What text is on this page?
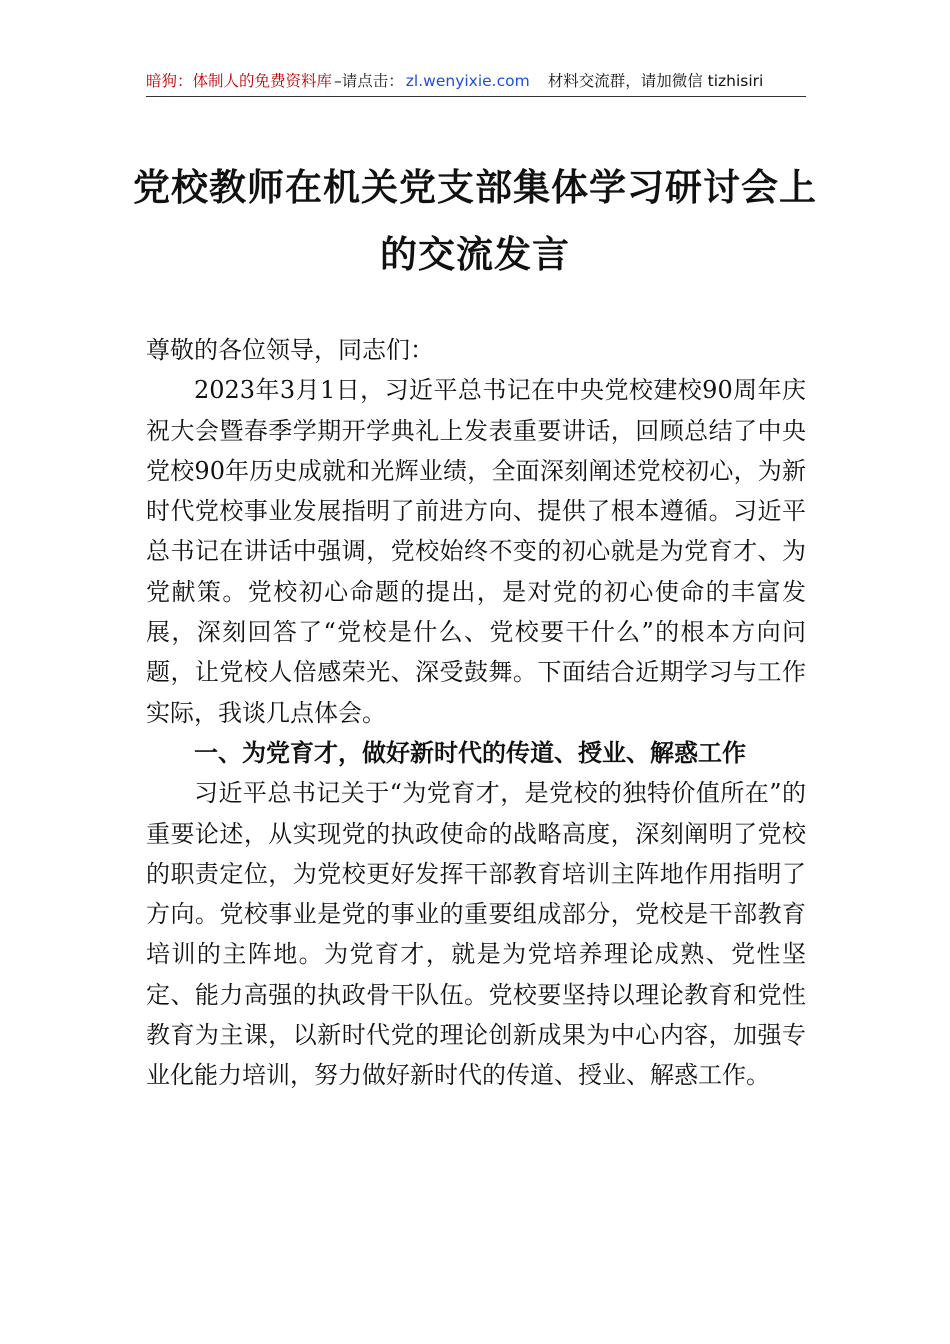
暗狗：体制人的免费资料库 –请点击： zl.wenyixie.com 材料交流群，请加微信 tizhisiri
党校教师在机关党支部集体学习研讨会上的交流发言

尊敬的各位领导，同志们：

2023年3月1日，习近平总书记在中央党校建校90周年庆祝大会暨春季学期开学典礼上发表重要讲话，回顾总结了中央党校90年历史成就和光辉业绩，全面深刻阐述党校初心，为新时代党校事业发展指明了前进方向、提供了根本遵循。习近平总书记在讲话中强调，党校始终不变的初心就是为党育才、为党献策。党校初心命题的提出，是对党的初心使命的丰富发展，深刻回答了“党校是什么、党校要干什么”的根本方向问题，让党校人倍感荣光、深受鼓舞。下面结合近期学习与工作实际，我谈几点体会。

一、为党育才，做好新时代的传道、授业、解惑工作

习近平总书记关于“为党育才，是党校的独特价值所在”的重要论述，从实现党的执政使命的战略高度，深刻阐明了党校的职责定位，为党校更好发挥干部教育培训主阵地作用指明了方向。党校事业是党的事业的重要组成部分，党校是干部教育培训的主阵地。为党育才，就是为党培养理论成熟、党性坚定、能力高强的执政骨干队伍。党校要坚持以理论教育和党性教育为主课，以新时代党的理论创新成果为中心内容，加强专业化能力培训，努力做好新时代的传道、授业、解惑工作。
